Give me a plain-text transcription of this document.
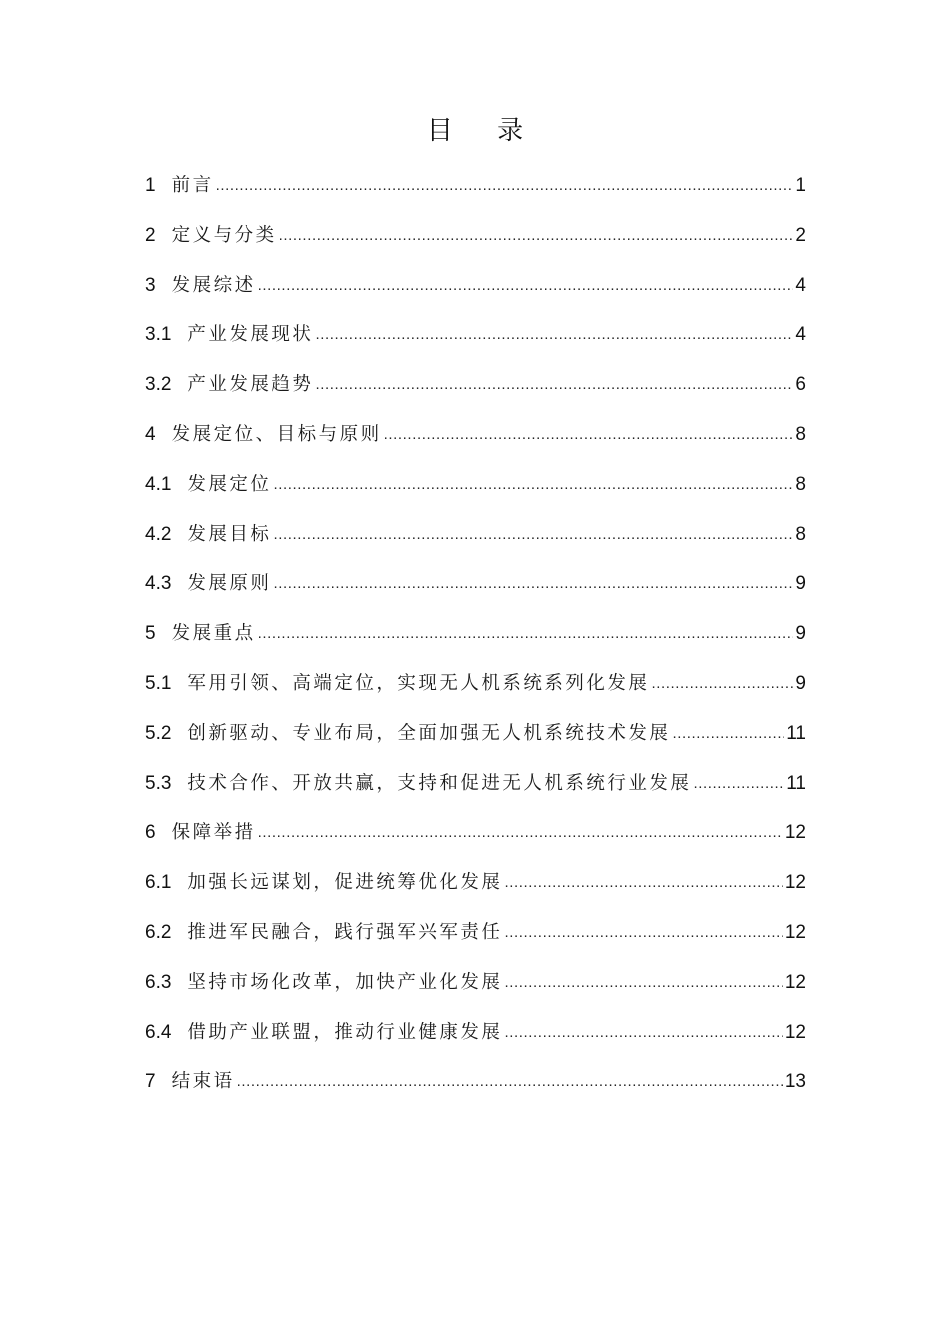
目 录
1 前言 .....	1
2 定义与分类 .....	2
3 发展综述 .....	4
3.1 产业发展现状 .....	4
3.2 产业发展趋势 .....	6
4 发展定位、目标与原则 .....	8
4.1 发展定位 .....	8
4.2 发展目标 .....	8
4.3 发展原则 .....	9
5 发展重点 .....	9
5.1 军用引领、高端定位，实现无人机系统系列化发展 .....	9
5.2 创新驱动、专业布局，全面加强无人机系统技术发展 .....	11
5.3 技术合作、开放共赢，支持和促进无人机系统行业发展 .....	11
6 保障举措 .....	12
6.1 加强长远谋划，促进统筹优化发展 .....	12
6.2 推进军民融合，践行强军兴军责任 .....	12
6.3 坚持市场化改革，加快产业化发展 .....	12
6.4 借助产业联盟，推动行业健康发展 .....	12
7 结束语 .....	13
